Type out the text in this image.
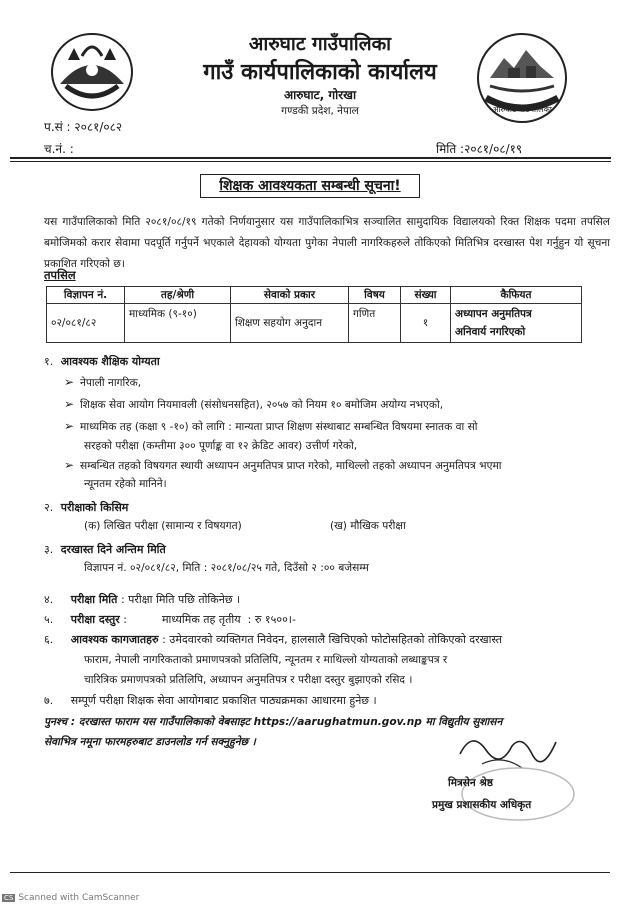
आरुघाट गाउँपालिका
गाउँ कार्यपालिकाको कार्यालय
आरुघाट, गोरखा
गण्डकी प्रदेश, नेपाल	आरुघाट गाउँपालिका
प.सं : २०८१/०८२
च.नं. :	मिति :२०८१/०८/१९
शिक्षक आवश्यकता सम्बन्धी सूचना!
यस गाउँपालिकाको मिति २०८१/०८/१९ गतेको निर्णयानुसार यस गाउँपालिकाभित्र सञ्चालित सामुदायिक विद्यालयको रिक्त शिक्षक पदमा तपसिल बमोजिमको करार सेवामा पदपूर्ति गर्नुपर्ने भएकाले देहायको योग्यता पुगेका नेपाली नागरिकहरुले तोकिएको मितिभित्र दरखास्त पेश गर्नुहुन यो सूचना प्रकाशित गरिएको छ।
तपसिल
विज्ञापन नं.	तह/श्रेणी	सेवाको प्रकार	विषय	संख्या	कैफियत
०२/०८१/८२	माध्यमिक (९-१०)	शिक्षण सहयोग अनुदान	गणित	१	अध्यापन अनुमतिपत्र
अनिवार्य नगरिएको
१. आवश्यक शैक्षिक योग्यता
➢ नेपाली नागरिक,
➢ शिक्षक सेवा आयोग नियमावली (संसोधनसहित), २०५७ को नियम १० बमोजिम अयोग्य नभएको,
➢ माध्यमिक तह (कक्षा ९ -१०) को लागि : मान्यता प्राप्त शिक्षण संस्थाबाट सम्बन्धित विषयमा स्नातक वा सो
सरहको परीक्षा (कम्तीमा ३०० पूर्णाङ्क वा १२ क्रेडिट आवर) उत्तीर्ण गरेको,
➢ सम्बन्धित तहको विषयगत स्थायी अध्यापन अनुमतिपत्र प्राप्त गरेको, माथिल्लो तहको अध्यापन अनुमतिपत्र भएमा
न्यूनतम रहेको मानिने।
२. परीक्षाको किसिम
(क) लिखित परीक्षा (सामान्य र विषयगत)	(ख) मौखिक परीक्षा
३. दरखास्त दिने अन्तिम मिति
विज्ञापन नं. ०२/०८१/८२, मिति : २०८१/०८/२५ गते, दिउँसो २ :०० बजेसम्म
४. परीक्षा मिति : परीक्षा मिति पछि तोकिनेछ ।
५. परीक्षा दस्तुर :          माध्यमिक तह तृतीय  : रु १५००।-
६. आवश्यक कागजातहरु : उमेदवारको व्यक्तिगत निवेदन, हालसालै खिचिएको फोटोसहितको तोकिएको दरखास्त
फाराम, नेपाली नागरिकताको प्रमाणपत्रको प्रतिलिपि, न्यूनतम र माथिल्लो योग्यताको लब्धाङ्कपत्र र
चारित्रिक प्रमाणपत्रको प्रतिलिपि, अध्यापन अनुमतिपत्र र परीक्षा दस्तुर बुझाएको रसिद ।
७. सम्पूर्ण परीक्षा शिक्षक सेवा आयोगबाट प्रकाशित पाठ्यक्रमका आधारमा हुनेछ ।
पुनश्च : दरखास्त फाराम यस गाउँपालिकाको वेबसाइट https://aarughatmun.gov.np मा विद्युतीय सुशासन
सेवाभित्र नमूना फारमहरुबाट डाउनलोड गर्न सक्नुहुनेछ ।
मित्रसेन श्रेष्ठ
प्रमुख प्रशासकीय अधिकृत
CS Scanned with CamScanner
